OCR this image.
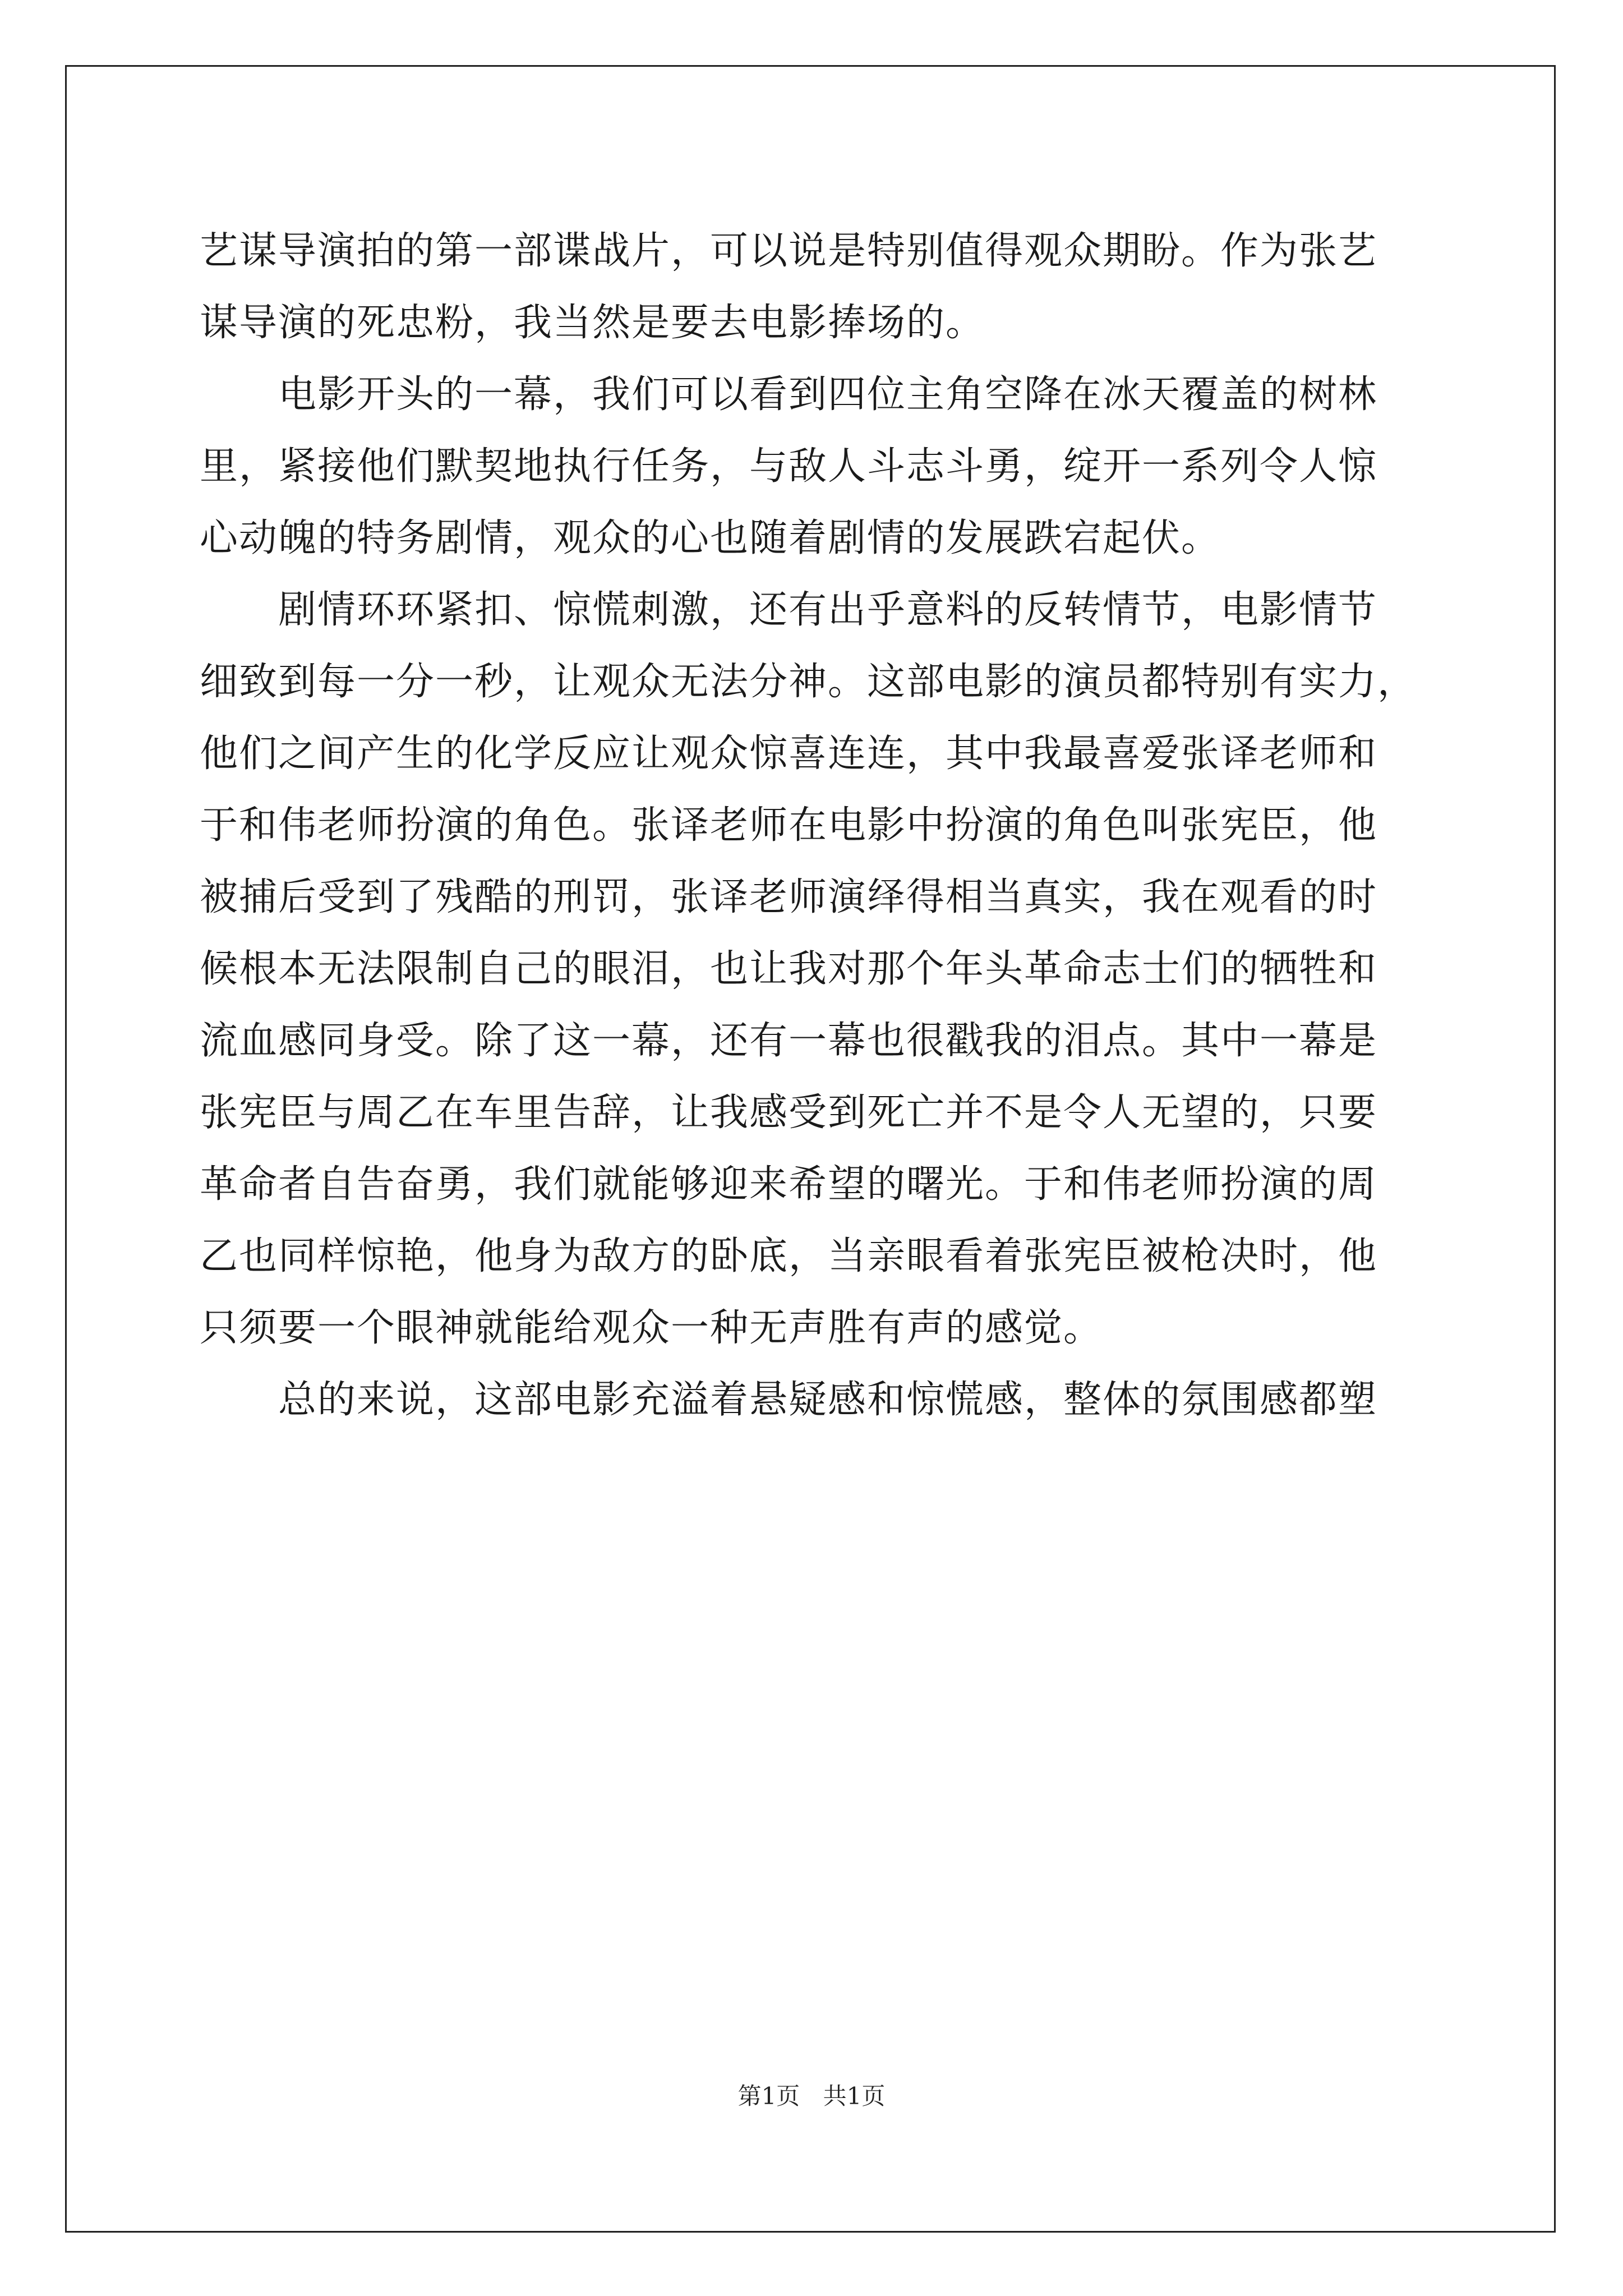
艺谋导演拍的第一部谍战片，可以说是特别值得观众期盼。作为张艺
谋导演的死忠粉，我当然是要去电影捧场的。
电影开头的一幕，我们可以看到四位主角空降在冰天覆盖的树林
里，紧接他们默契地执行任务，与敌人斗志斗勇，绽开一系列令人惊
心动魄的特务剧情，观众的心也随着剧情的发展跌宕起伏。
剧情环环紧扣、惊慌刺激，还有出乎意料的反转情节，电影情节
细致到每一分一秒，让观众无法分神。这部电影的演员都特别有实力，
他们之间产生的化学反应让观众惊喜连连，其中我最喜爱张译老师和
于和伟老师扮演的角色。张译老师在电影中扮演的角色叫张宪臣，他
被捕后受到了残酷的刑罚，张译老师演绎得相当真实，我在观看的时
候根本无法限制自己的眼泪，也让我对那个年头革命志士们的牺牲和
流血感同身受。除了这一幕，还有一幕也很戳我的泪点。其中一幕是
张宪臣与周乙在车里告辞，让我感受到死亡并不是令人无望的，只要
革命者自告奋勇，我们就能够迎来希望的曙光。于和伟老师扮演的周
乙也同样惊艳，他身为敌方的卧底，当亲眼看着张宪臣被枪决时，他
只须要一个眼神就能给观众一种无声胜有声的感觉。
总的来说，这部电影充溢着悬疑感和惊慌感，整体的氛围感都塑
第1页 共1页
